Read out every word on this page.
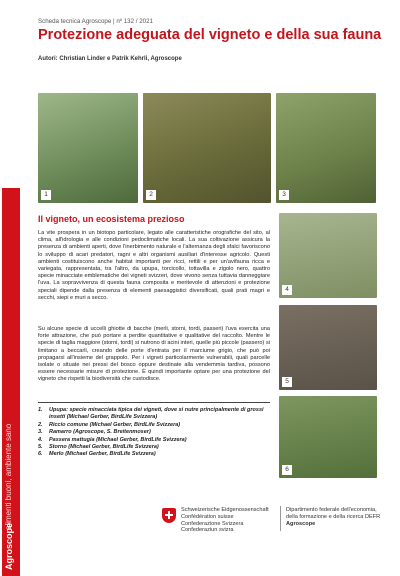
alimenti buoni, ambiente sano
Agroscope
Scheda tecnica Agroscope | nº 132 / 2021
Protezione adeguata del vigneto e della sua fauna
Autori: Christian Linder e Patrik Kehrli, Agroscope
1	2	3
4
5
6
Il vigneto, un ecosistema prezioso

La vite prospera in un biotopo particolare, legato alle caratteristiche orografiche del sito, al clima, all'idrologia e alle condizioni pedoclimatiche locali. La sua coltivazione assicura la presenza di ambienti aperti, dove l'inerbimento naturale e l'alternanza degli sfalci favoriscono lo sviluppo di acari predatori, ragni e altri organismi ausiliari d'interesse agricolo. Questi ambienti costituiscono anche habitat importanti per ricci, rettili e per un'avifauna ricca e variegata, rappresentata, tra l'altro, da upupa, torcicollo, tottavilla e zigolo nero, quattro specie minacciate emblematiche dei vigneti svizzeri, dove vivono senza tuttavia danneggiare l'uva. La sopravvivenza di questa fauna composita e meritevole di attenzioni e protezione speciali dipende dalla presenza di elementi paesaggistici diversificati, quali prati magri e secchi, siepi e muri a secco.

Su alcune specie di uccelli ghiotte di bacche (merli, storni, tordi, passeri) l'uva esercita una forte attrazione, che può portare a perdite quantitative e qualitative del raccolto. Mentre le specie di taglia maggiore (storni, tordi) si nutrono di acini interi, quelle più piccole (passero) si limitano a beccarli, creando delle porte d'entrata per il marciume grigio, che può poi propagarsi all'insieme del grappolo. Per i vigneti particolarmente vulnerabili, quali parcelle isolate o situate nei pressi del bosco oppure destinate alla vendemmia tardiva, possono essere necessarie misure di protezione. È quindi importante optare per una protezione del vigneto che rispetti la biodiversità che custodisce.

1.	Upupa: specie minacciata tipica dei vigneti, dove si nutre principalmente di grossi insetti (Michael Gerber, BirdLife Svizzera)
2.	Riccio comune (Michael Gerber, BirdLife Svizzera)
3.	Ramarro (Agroscope, S. Breitenmoser)
4.	Passera mattugia (Michael Gerber, BirdLife Svizzera)
5.	Storno (Michael Gerber, BirdLife Svizzera)
6.	Merlo (Michael Gerber, BirdLife Svizzera)
Schweizerische Eidgenossenschaft
Confédération suisse
Confederazione Svizzera
Confederaziun svizra
Dipartimento federale dell'economia,
della formazione e della ricerca DEFR
Agroscope
